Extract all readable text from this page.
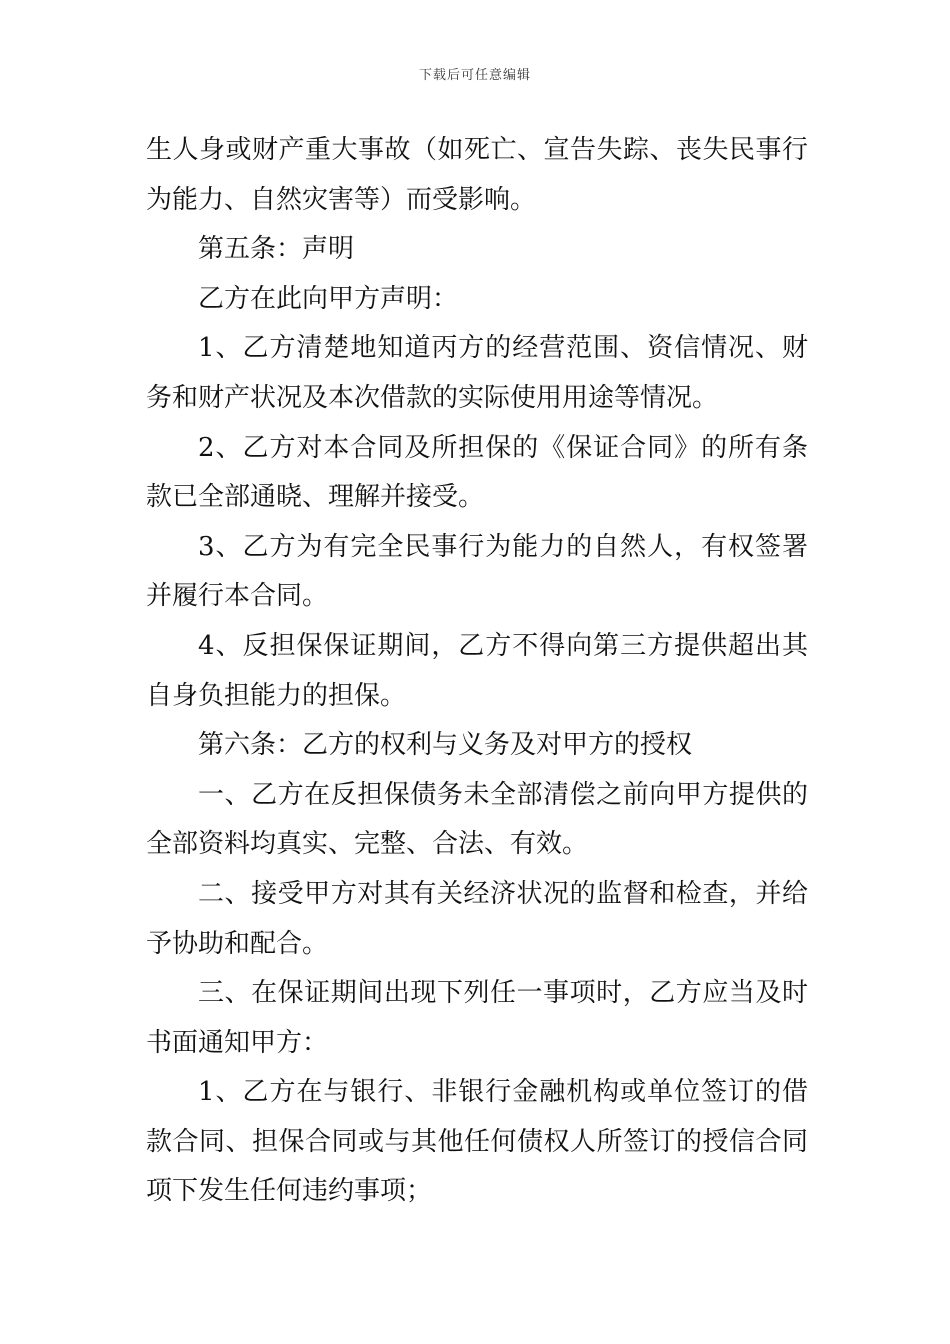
下载后可任意编辑

生人身或财产重大事故（如死亡、宣告失踪、丧失民事行为能力、自然灾害等）而受影响。

第五条：声明

乙方在此向甲方声明：

1、乙方清楚地知道丙方的经营范围、资信情况、财务和财产状况及本次借款的实际使用用途等情况。

2、乙方对本合同及所担保的《保证合同》的所有条款已全部通晓、理解并接受。

3、乙方为有完全民事行为能力的自然人，有权签署并履行本合同。

4、反担保保证期间，乙方不得向第三方提供超出其自身负担能力的担保。

第六条：乙方的权利与义务及对甲方的授权

一、乙方在反担保债务未全部清偿之前向甲方提供的全部资料均真实、完整、合法、有效。

二、接受甲方对其有关经济状况的监督和检查，并给予协助和配合。

三、在保证期间出现下列任一事项时，乙方应当及时书面通知甲方：

1、乙方在与银行、非银行金融机构或单位签订的借款合同、担保合同或与其他任何债权人所签订的授信合同项下发生任何违约事项；
